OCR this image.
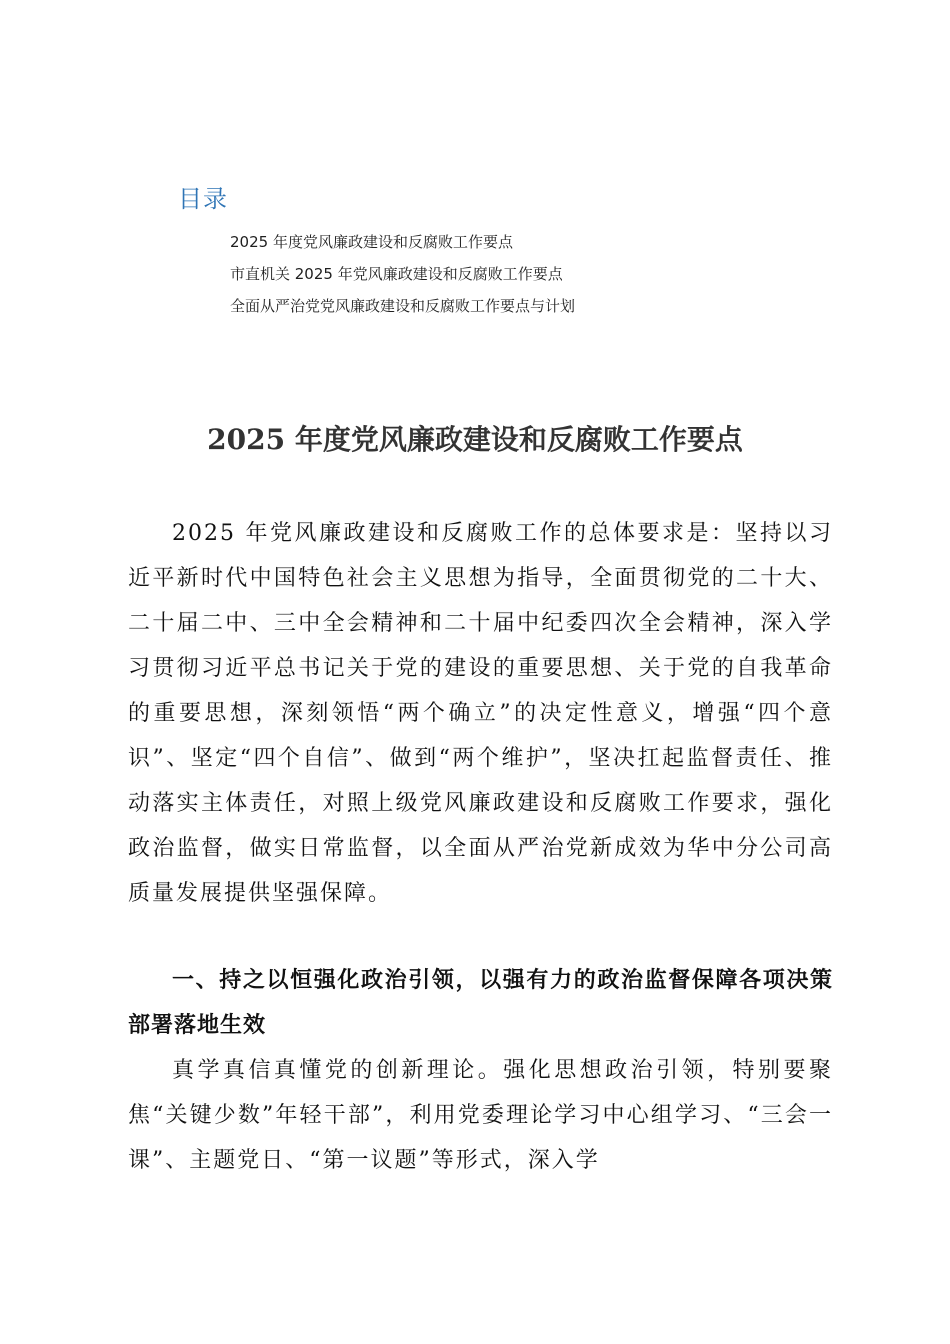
目录
2025 年度党风廉政建设和反腐败工作要点
市直机关 2025 年党风廉政建设和反腐败工作要点
全面从严治党党风廉政建设和反腐败工作要点与计划
2025 年度党风廉政建设和反腐败工作要点

2025 年党风廉政建设和反腐败工作的总体要求是：坚持以习近平新时代中国特色社会主义思想为指导，全面贯彻党的二十大、二十届二中、三中全会精神和二十届中纪委四次全会精神，深入学习贯彻习近平总书记关于党的建设的重要思想、关于党的自我革命的重要思想，深刻领悟“两个确立”的决定性意义，增强“四个意识”、坚定“四个自信”、做到“两个维护”，坚决扛起监督责任、推动落实主体责任，对照上级党风廉政建设和反腐败工作要求，强化政治监督，做实日常监督，以全面从严治党新成效为华中分公司高质量发展提供坚强保障。

一、持之以恒强化政治引领，以强有力的政治监督保障各项决策部署落地生效

真学真信真懂党的创新理论。强化思想政治引领，特别要聚焦“关键少数”年轻干部”，利用党委理论学习中心组学习、“三会一课”、主题党日、“第一议题”等形式，深入学
